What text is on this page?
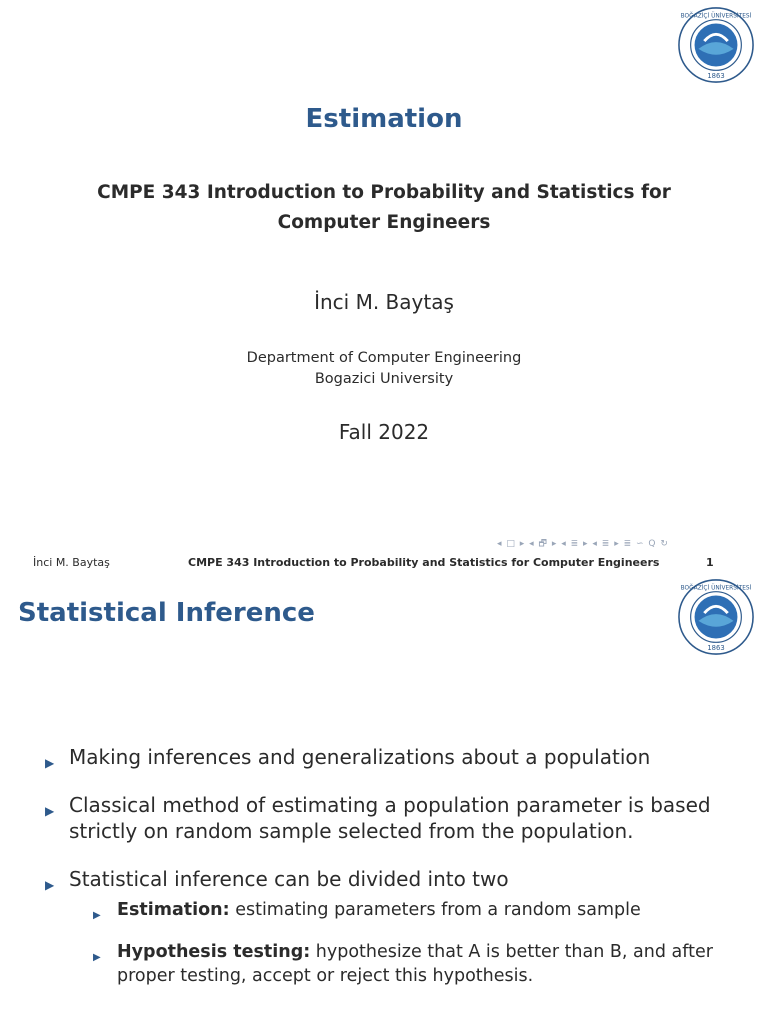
1863
BOĞAZİÇİ ÜNİVERSİTESİ
Estimation
CMPE 343 Introduction to Probability and Statistics for Computer Engineers
İnci M. Baytaş
Department of Computer Engineering
Bogazici University
Fall 2022
◂ □ ▸ ◂ 🗗 ▸ ◂ ≣ ▸ ◂ ≣ ▸ ≣ ∽ Q ↻
İnci M. Baytaş	CMPE 343 Introduction to Probability and Statistics for Computer Engineers	1
Statistical Inference
1863
BOĞAZİÇİ ÜNİVERSİTESİ
▶ Making inferences and generalizations about a population
▶ Classical method of estimating a population parameter is based strictly on random sample selected from the population.
▶ Statistical inference can be divided into two
▶ Estimation: estimating parameters from a random sample
▶ Hypothesis testing: hypothesize that A is better than B, and after proper testing, accept or reject this hypothesis.
